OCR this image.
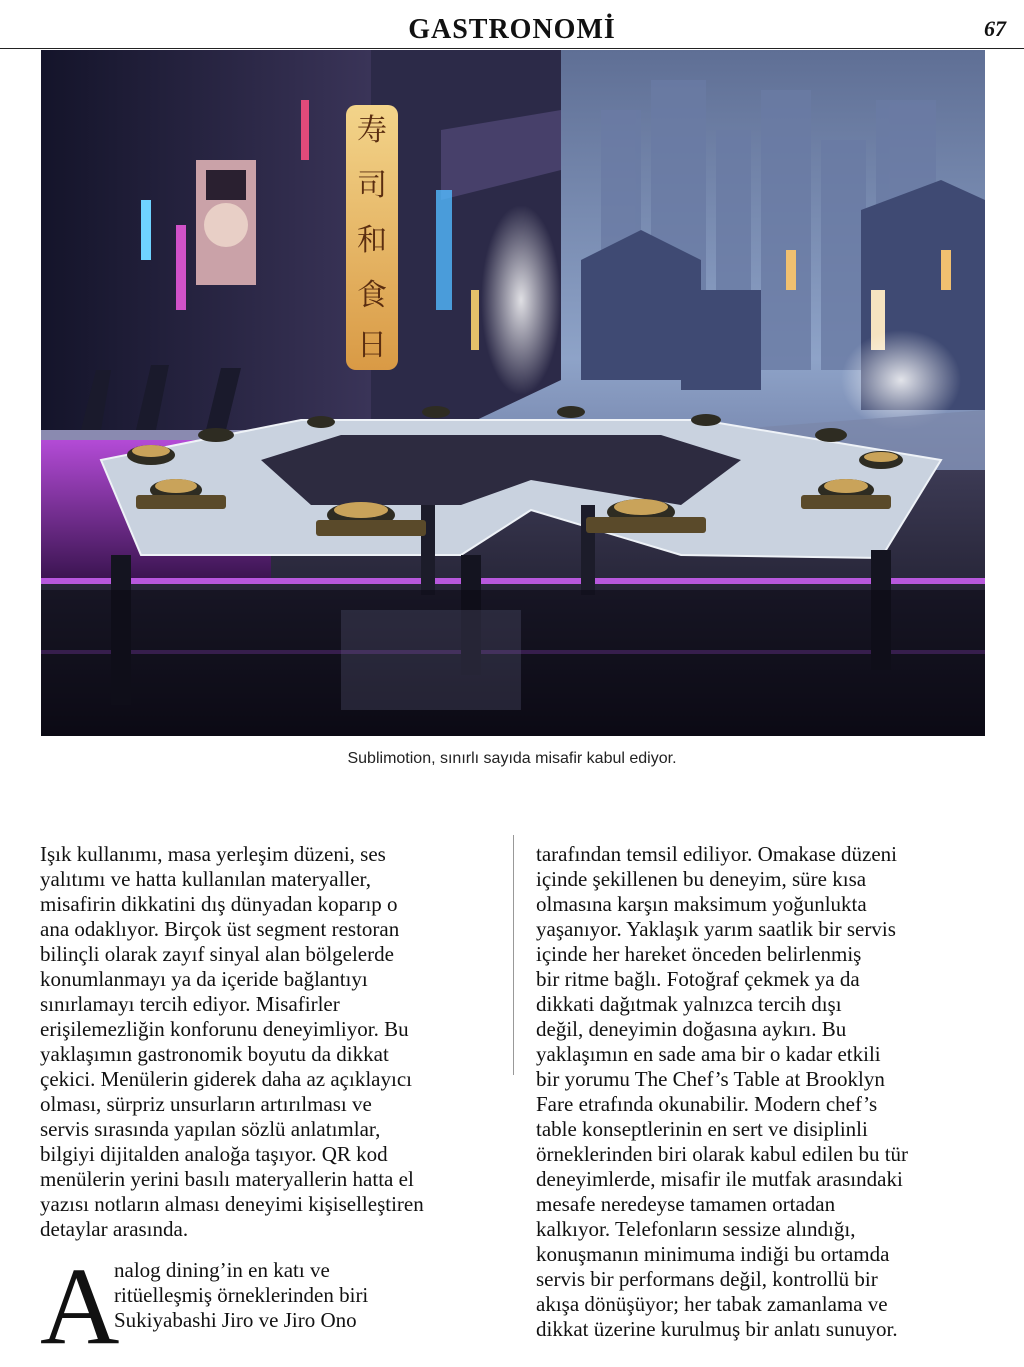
GASTRONOMİ	67
寿
司
和
食
日
Sublimotion, sınırlı sayıda misafir kabul ediyor.
Işık kullanımı, masa yerleşim düzeni, ses
yalıtımı ve hatta kullanılan materyaller,
misafirin dikkatini dış dünyadan koparıp o
ana odaklıyor. Birçok üst segment restoran
bilinçli olarak zayıf sinyal alan bölgelerde
konumlanmayı ya da içeride bağlantıyı
sınırlamayı tercih ediyor. Misafirler
erişilemezliğin konforunu deneyimliyor. Bu
yaklaşımın gastronomik boyutu da dikkat
çekici. Menülerin giderek daha az açıklayıcı
olması, sürpriz unsurların artırılması ve
servis sırasında yapılan sözlü anlatımlar,
bilgiyi dijitalden analoğa taşıyor. QR kod
menülerin yerini basılı materyallerin hatta el
yazısı notların alması deneyimi kişiselleştiren
detaylar arasında.
A
nalog dining’in en katı ve
ritüelleşmiş örneklerinden biri
Sukiyabashi Jiro ve Jiro Ono
tarafından temsil ediliyor. Omakase düzeni
içinde şekillenen bu deneyim, süre kısa
olmasına karşın maksimum yoğunlukta
yaşanıyor. Yaklaşık yarım saatlik bir servis
içinde her hareket önceden belirlenmiş
bir ritme bağlı. Fotoğraf çekmek ya da
dikkati dağıtmak yalnızca tercih dışı
değil, deneyimin doğasına aykırı. Bu
yaklaşımın en sade ama bir o kadar etkili
bir yorumu The Chef’s Table at Brooklyn
Fare etrafında okunabilir. Modern chef’s
table konseptlerinin en sert ve disiplinli
örneklerinden biri olarak kabul edilen bu tür
deneyimlerde, misafir ile mutfak arasındaki
mesafe neredeyse tamamen ortadan
kalkıyor. Telefonların sessize alındığı,
konuşmanın minimuma indiği bu ortamda
servis bir performans değil, kontrollü bir
akışa dönüşüyor; her tabak zamanlama ve
dikkat üzerine kurulmuş bir anlatı sunuyor.
